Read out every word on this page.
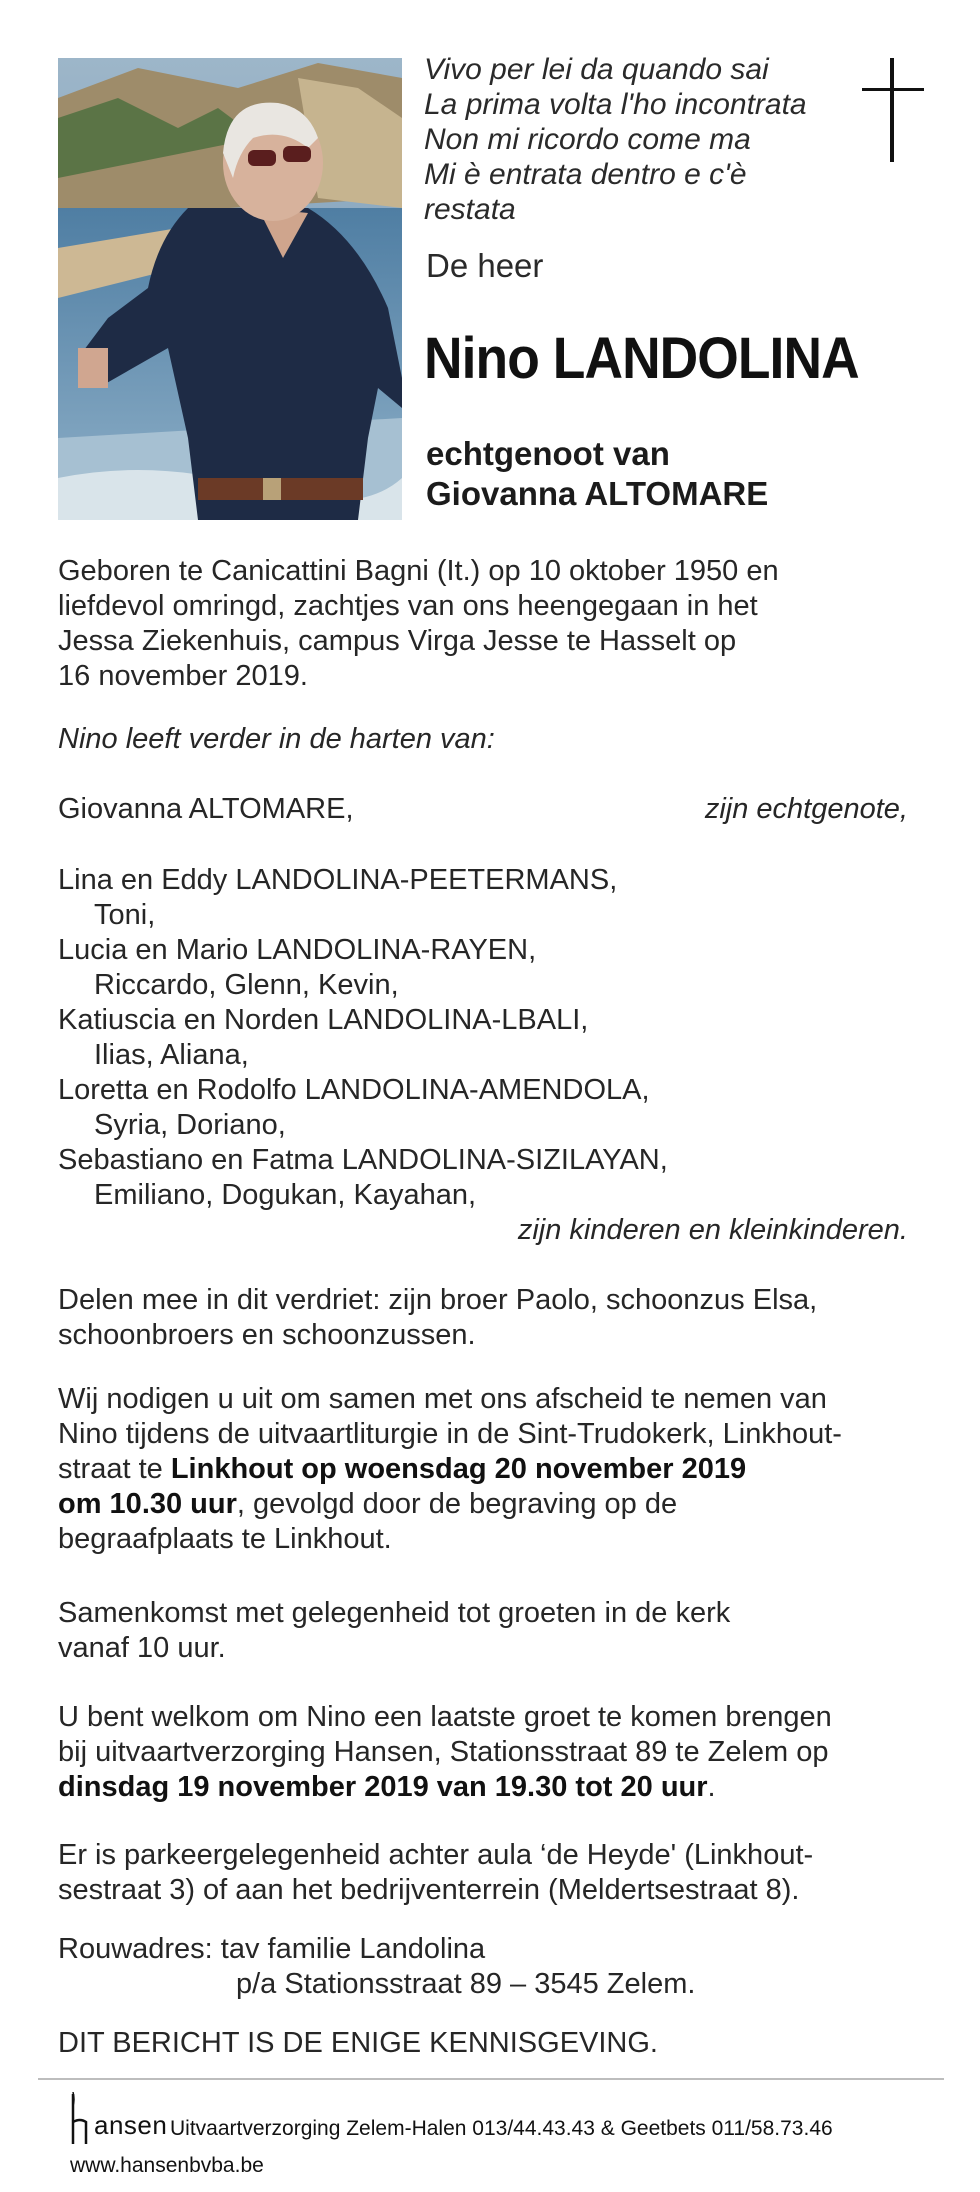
Vivo per lei da quando sai
La prima volta l'ho incontrata
Non mi ricordo come ma
Mi è entrata dentro e c'è
restata
De heer
Nino LANDOLINA
echtgenoot van
Giovanna ALTOMARE

Geboren te Canicattini Bagni (It.) op 10 oktober 1950 en

liefdevol omringd, zachtjes van ons heengegaan in het

Jessa Ziekenhuis, campus Virga Jesse te Hasselt op

16 november 2019.

Nino leeft verder in de harten van:
Giovanna ALTOMARE,	zijn echtgenote,

Lina en Eddy LANDOLINA-PEETERMANS,

Toni,

Lucia en Mario LANDOLINA-RAYEN,

Riccardo, Glenn, Kevin,

Katiuscia en Norden LANDOLINA-LBALI,

Ilias, Aliana,

Loretta en Rodolfo LANDOLINA-AMENDOLA,

Syria, Doriano,

Sebastiano en Fatma LANDOLINA-SIZILAYAN,

Emiliano, Dogukan, Kayahan,

zijn kinderen en kleinkinderen.

Delen mee in dit verdriet: zijn broer Paolo, schoonzus Elsa,

schoonbroers en schoonzussen.

Wij nodigen u uit om samen met ons afscheid te nemen van

Nino tijdens de uitvaartliturgie in de Sint-Trudokerk, Linkhout-

straat te Linkhout op woensdag 20 november 2019

om 10.30 uur, gevolgd door de begraving op de

begraafplaats te Linkhout.

Samenkomst met gelegenheid tot groeten in de kerk

vanaf 10 uur.

U bent welkom om Nino een laatste groet te komen brengen

bij uitvaartverzorging Hansen, Stationsstraat 89 te Zelem op

dinsdag 19 november 2019 van 19.30 tot 20 uur.

Er is parkeergelegenheid achter aula ‘de Heyde' (Linkhout-

sestraat 3) of aan het bedrijventerrein (Meldertsestraat 8).

Rouwadres: tav familie Landolina

p/a Stationsstraat 89 – 3545 Zelem.

DIT BERICHT IS DE ENIGE KENNISGEVING.
ansen Uitvaartverzorging Zelem-Halen 013/44.43.43 & Geetbets 011/58.73.46
www.hansenbvba.be
